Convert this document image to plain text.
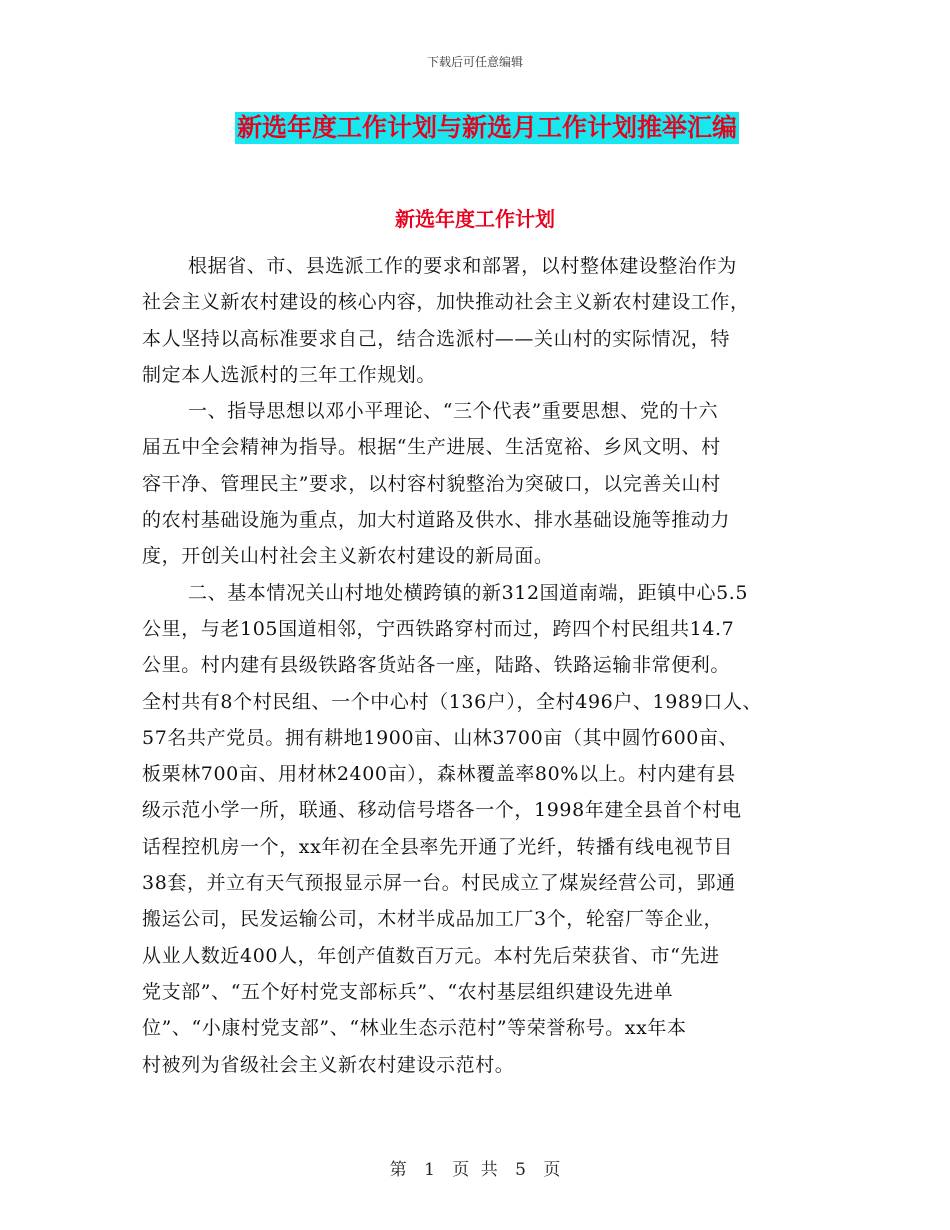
下载后可任意编辑
新选年度工作计划与新选月工作计划推举汇编
新选年度工作计划
根据省、市、县选派工作的要求和部署，以村整体建设整治作为
社会主义新农村建设的核心内容，加快推动社会主义新农村建设工作，
本人坚持以高标准要求自己，结合选派村——关山村的实际情况，特
制定本人选派村的三年工作规划。
一、指导思想以邓小平理论、“三个代表”重要思想、党的十六
届五中全会精神为指导。根据“生产进展、生活宽裕、乡风文明、村
容干净、管理民主”要求，以村容村貌整治为突破口，以完善关山村
的农村基础设施为重点，加大村道路及供水、排水基础设施等推动力
度，开创关山村社会主义新农村建设的新局面。
二、基本情况关山村地处横跨镇的新312国道南端，距镇中心5.5
公里，与老105国道相邻，宁西铁路穿村而过，跨四个村民组共14.7
公里。村内建有县级铁路客货站各一座，陆路、铁路运输非常便利。
全村共有8个村民组、一个中心村（136户），全村496户、1989口人、
57名共产党员。拥有耕地1900亩、山林3700亩（其中圆竹600亩、
板栗林700亩、用材林2400亩），森林覆盖率80%以上。村内建有县
级示范小学一所，联通、移动信号塔各一个，1998年建全县首个村电
话程控机房一个，xx年初在全县率先开通了光纤，转播有线电视节目
38套，并立有天气预报显示屏一台。村民成立了煤炭经营公司，郢通
搬运公司，民发运输公司，木材半成品加工厂3个，轮窑厂等企业，
从业人数近400人，年创产值数百万元。本村先后荣获省、市“先进
党支部”、“五个好村党支部标兵”、“农村基层组织建设先进单
位”、“小康村党支部”、“林业生态示范村”等荣誉称号。xx年本
村被列为省级社会主义新农村建设示范村。
第 1 页 共 5 页
